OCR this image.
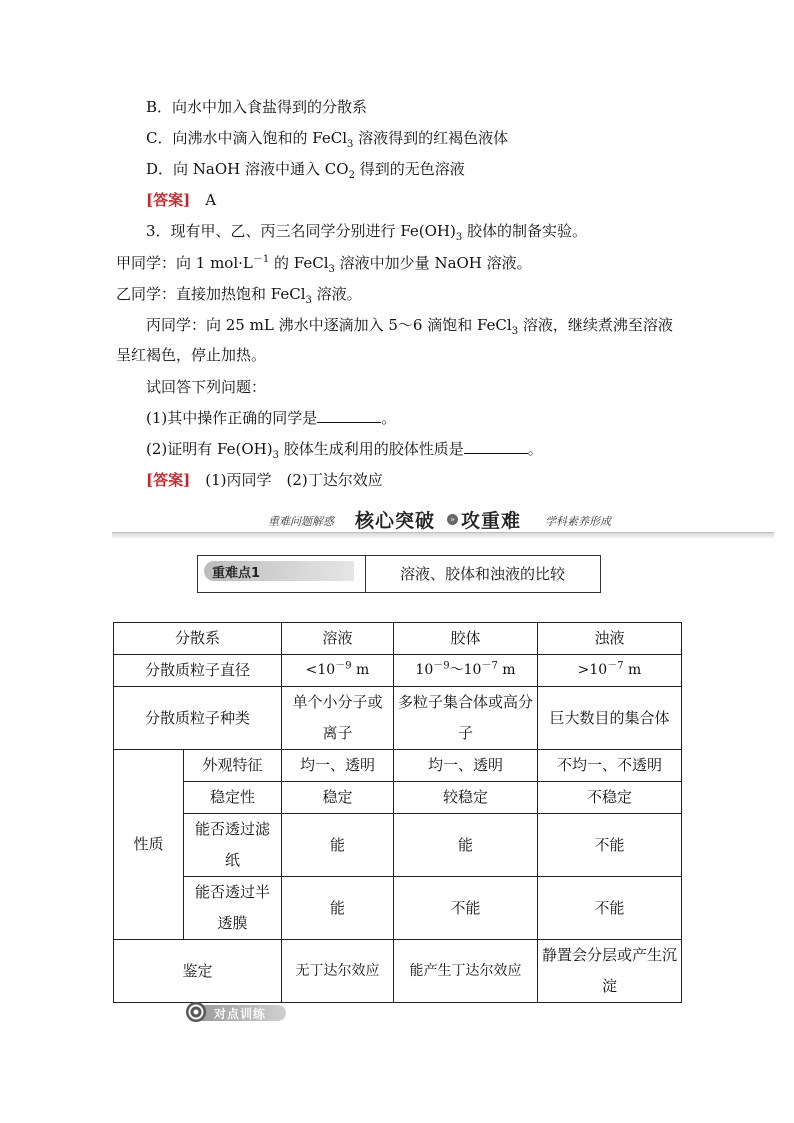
B．向水中加入食盐得到的分散系
C．向沸水中滴入饱和的 FeCl$_3$ 溶液得到的红褐色液体
D．向 NaOH 溶液中通入 $CO_2$ 得到的无色溶液
[答案]　 A
3．现有甲、乙、丙三名同学分别进行 $Fe(OH)_3$ 胶体的制备实验。
甲同学：向 1 $mol\cdot L^{-1}$ 的 FeCl$_3$ 溶液中加少量 NaOH 溶液。
乙同学：直接加热饱和 FeCl$_3$ 溶液。
丙同学：向 25 mL 沸水中逐滴加入 5～6 滴饱和 FeCl$_3$ 溶液，继续煮沸至溶液
呈红褐色，停止加热。
试回答下列问题：
(1)其中操作正确的同学是	。
(2)证明有 $Fe(OH)_3$ 胶体生成利用的胶体性质是	。
[答案]　 (1)丙同学　(2)丁达尔效应
重难问题解惑 核心突破	» 攻重难 学科素养形成
重难点1	溶液、胶体和浊液的比较
分散系		溶液	胶体	浊液
分散质粒子直径		$<10^{-9}$ m	$10^{-9}\sim 10^{-7}$ m	$>10^{-7}$ m
分散质粒子种类		单个小分子或离子	多粒子集合体或高分子	巨大数目的集合体
性质	外观特征	均一、透明	均一、透明	不均一、不透明
	稳定性	稳定	较稳定	不稳定
	能否透过滤纸	能	能	不能
	能否透过半透膜	能	不能	不能
鉴定		无丁达尔效应	能产生丁达尔效应	静置会分层或产生沉淀
对点训练
